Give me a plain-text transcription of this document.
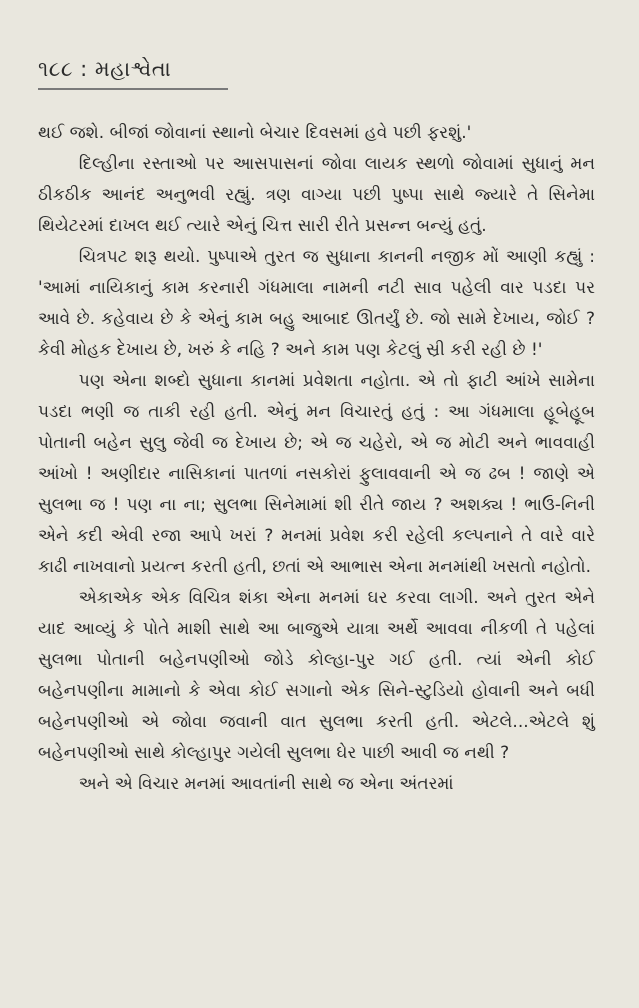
૧૮૮ : મહાશ્વેતા

થઈ જશે. બીજાં જોવાનાં સ્થાનો બેચાર દિવસમાં હવે પછી ફરશું.'

દિલ્હીના રસ્તાઓ પર આસપાસનાં જોવા લાયક સ્થળો જોવામાં સુધાનું મન ઠીકઠીક આનંદ અનુભવી રહ્યું. ત્રણ વાગ્યા પછી પુષ્પા સાથે જ્યારે તે સિનેમા થિયેટરમાં દાખલ થઈ ત્યારે એનું ચિત્ત સારી રીતે પ્રસન્ન બન્યું હતું.

ચિત્રપટ શરૂ થયો. પુષ્પાએ તુરત જ સુધાના કાનની નજીક મોં આણી કહ્યું : 'આમાં નાયિકાનું કામ કરનારી ગંધમાલા નામની નટી સાવ પહેલી વાર પડદા પર આવે છે. કહેવાય છે કે એનું કામ બહુ આબાદ ઊતર્યું છે. જો સામે દેખાય, જોઈ ? કેવી મોહક દેખાય છે, ખરું કે નહિ ? અને કામ પણ કેટલું સ્રી કરી રહી છે !'

પણ એના શબ્દો સુધાના કાનમાં પ્રવેશતા નહોતા. એ તો ફાટી આંખે સામેના પડદા ભણી જ તાકી રહી હતી. એનું મન વિચારતું હતું : આ ગંધમાલા હૂબેહૂબ પોતાની બહેન સુલુ જેવી જ દેખાય છે; એ જ ચહેરો, એ જ મોટી અને ભાવવાહી આંખો ! અણીદાર નાસિકાનાં પાતળાં નસકોરાં ફુલાવવાની એ જ ઢબ ! જાણે એ સુલભા જ ! પણ ના ના; સુલભા સિનેમામાં શી રીતે જાય ? અશક્ય ! ભાઉ-નિની એને કદી એવી રજા આપે ખરાં ? મનમાં પ્રવેશ કરી રહેલી કલ્પનાને તે વારે વારે કાઢી નાખવાનો પ્રયત્ન કરતી હતી, છતાં એ આભાસ એના મનમાંથી ખસતો નહોતો.

એકાએક એક વિચિત્ર શંકા એના મનમાં ઘર કરવા લાગી. અને તુરત એને યાદ આવ્યું કે પોતે માશી સાથે આ બાજુએ યાત્રા અર્થે આવવા નીકળી તે પહેલાં સુલભા પોતાની બહેનપણીઓ જોડે કોલ્હા-પુર ગઈ હતી. ત્યાં એની કોઈ બહેનપણીના મામાનો કે એવા કોઈ સગાનો એક સિને-સ્ટુડિયો હોવાની અને બધી બહેનપણીઓ એ જોવા જવાની વાત સુલભા કરતી હતી. એટલે...એટલે શું બહેનપણીઓ સાથે કોલ્હાપુર ગયેલી સુલભા ઘેર પાછી આવી જ નથી ?

અને એ વિચાર મનમાં આવતાંની સાથે જ એના અંતરમાં
